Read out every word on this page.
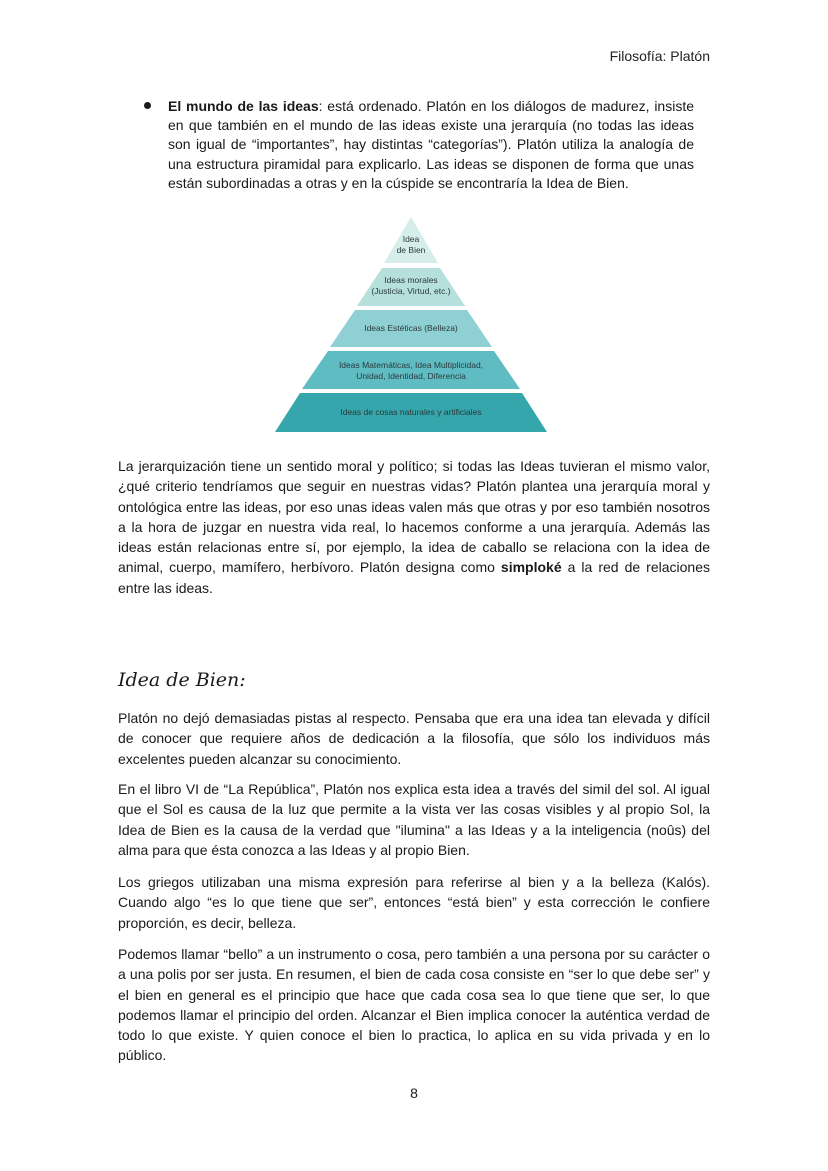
Filosofía: Platón
El mundo de las ideas: está ordenado. Platón en los diálogos de madurez, insiste en que también en el mundo de las ideas existe una jerarquía (no todas las ideas son igual de “importantes”, hay distintas “categorías”). Platón utiliza la analogía de una estructura piramidal para explicarlo. Las ideas se disponen de forma que unas están subordinadas a otras y en la cúspide se encontraría la Idea de Bien.
Idea
de Bien
Ideas morales
(Justicia, Virtud, etc.)
Ideas Estéticas (Belleza)
Ideas Matemáticas, Idea Multiplicidad,
Unidad, Identidad, Diferencia
Ideas de cosas naturales y artificiales
La jerarquización tiene un sentido moral y político; si todas las Ideas tuvieran el mismo valor, ¿qué criterio tendríamos que seguir en nuestras vidas? Platón plantea una jerarquía moral y ontológica entre las ideas, por eso unas ideas valen más que otras y por eso también nosotros a la hora de juzgar en nuestra vida real, lo hacemos conforme a una jerarquía. Además las ideas están relacionas entre sí, por ejemplo, la idea de caballo se relaciona con la idea de animal, cuerpo, mamífero, herbívoro. Platón designa como simploké a la red de relaciones entre las ideas.
Idea de Bien:
Platón no dejó demasiadas pistas al respecto. Pensaba que era una idea tan elevada y difícil de conocer que requiere años de dedicación a la filosofía, que sólo los individuos más excelentes pueden alcanzar su conocimiento.
En el libro VI de “La República”, Platón nos explica esta idea a través del simil del sol. Al igual que el Sol es causa de la luz que permite a la vista ver las cosas visibles y al propio Sol, la Idea de Bien es la causa de la verdad que "ilumina" a las Ideas y a la inteligencia (noûs) del alma para que ésta conozca a las Ideas y al propio Bien.
Los griegos utilizaban una misma expresión para referirse al bien y a la belleza (Kalós). Cuando algo “es lo que tiene que ser”, entonces “está bien” y esta corrección le confiere proporción, es decir, belleza.
Podemos llamar “bello” a un instrumento o cosa, pero también a una persona por su carácter o a una polis por ser justa. En resumen, el bien de cada cosa consiste en “ser lo que debe ser” y el bien en general es el principio que hace que cada cosa sea lo que tiene que ser, lo que podemos llamar el principio del orden. Alcanzar el Bien implica conocer la auténtica verdad de todo lo que existe. Y quien conoce el bien lo practica, lo aplica en su vida privada y en lo público.
8
